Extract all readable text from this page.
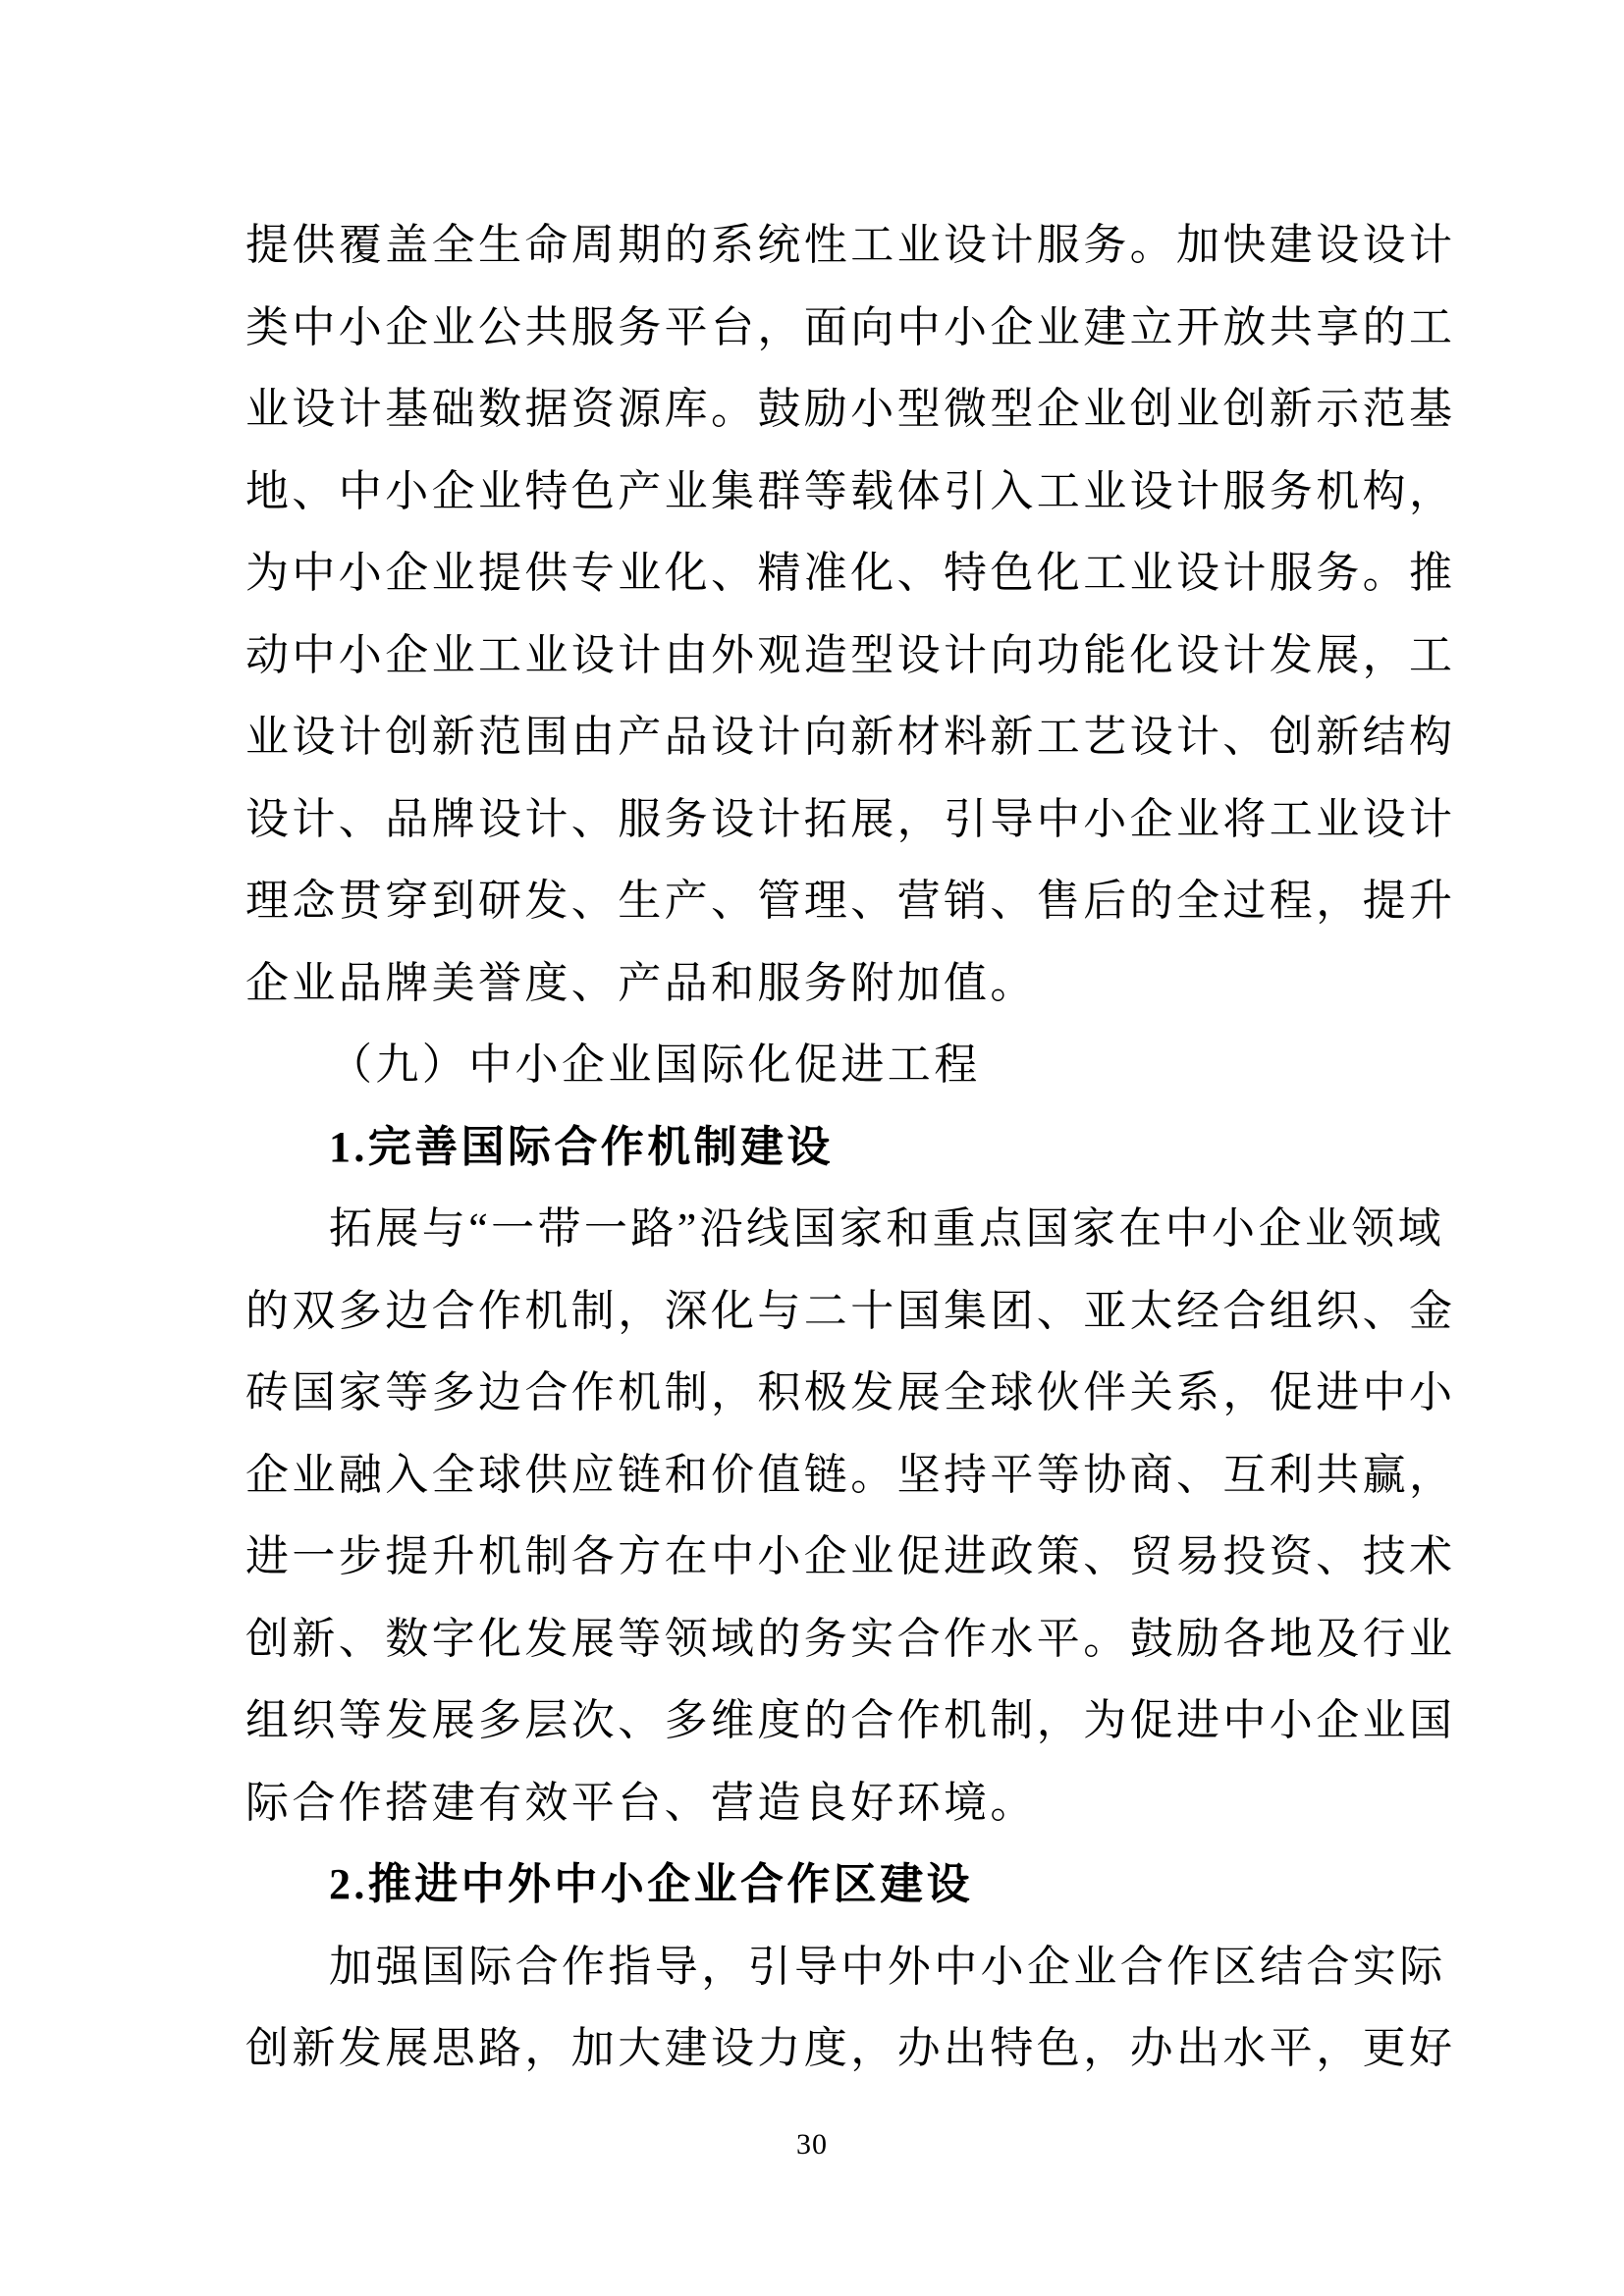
提供覆盖全生命周期的系统性工业设计服务。加快建设设计类中小企业公共服务平台，面向中小企业建立开放共享的工业设计基础数据资源库。鼓励小型微型企业创业创新示范基地、中小企业特色产业集群等载体引入工业设计服务机构，为中小企业提供专业化、精准化、特色化工业设计服务。推动中小企业工业设计由外观造型设计向功能化设计发展，工业设计创新范围由产品设计向新材料新工艺设计、创新结构设计、品牌设计、服务设计拓展，引导中小企业将工业设计理念贯穿到研发、生产、管理、营销、售后的全过程，提升企业品牌美誉度、产品和服务附加值。

（九）中小企业国际化促进工程

1.完善国际合作机制建设

拓展与“一带一路”沿线国家和重点国家在中小企业领域的双多边合作机制，深化与二十国集团、亚太经合组织、金砖国家等多边合作机制，积极发展全球伙伴关系，促进中小企业融入全球供应链和价值链。坚持平等协商、互利共赢，进一步提升机制各方在中小企业促进政策、贸易投资、技术创新、数字化发展等领域的务实合作水平。鼓励各地及行业组织等发展多层次、多维度的合作机制，为促进中小企业国际合作搭建有效平台、营造良好环境。

2.推进中外中小企业合作区建设

加强国际合作指导，引导中外中小企业合作区结合实际创新发展思路，加大建设力度，办出特色，办出水平，更好

30
